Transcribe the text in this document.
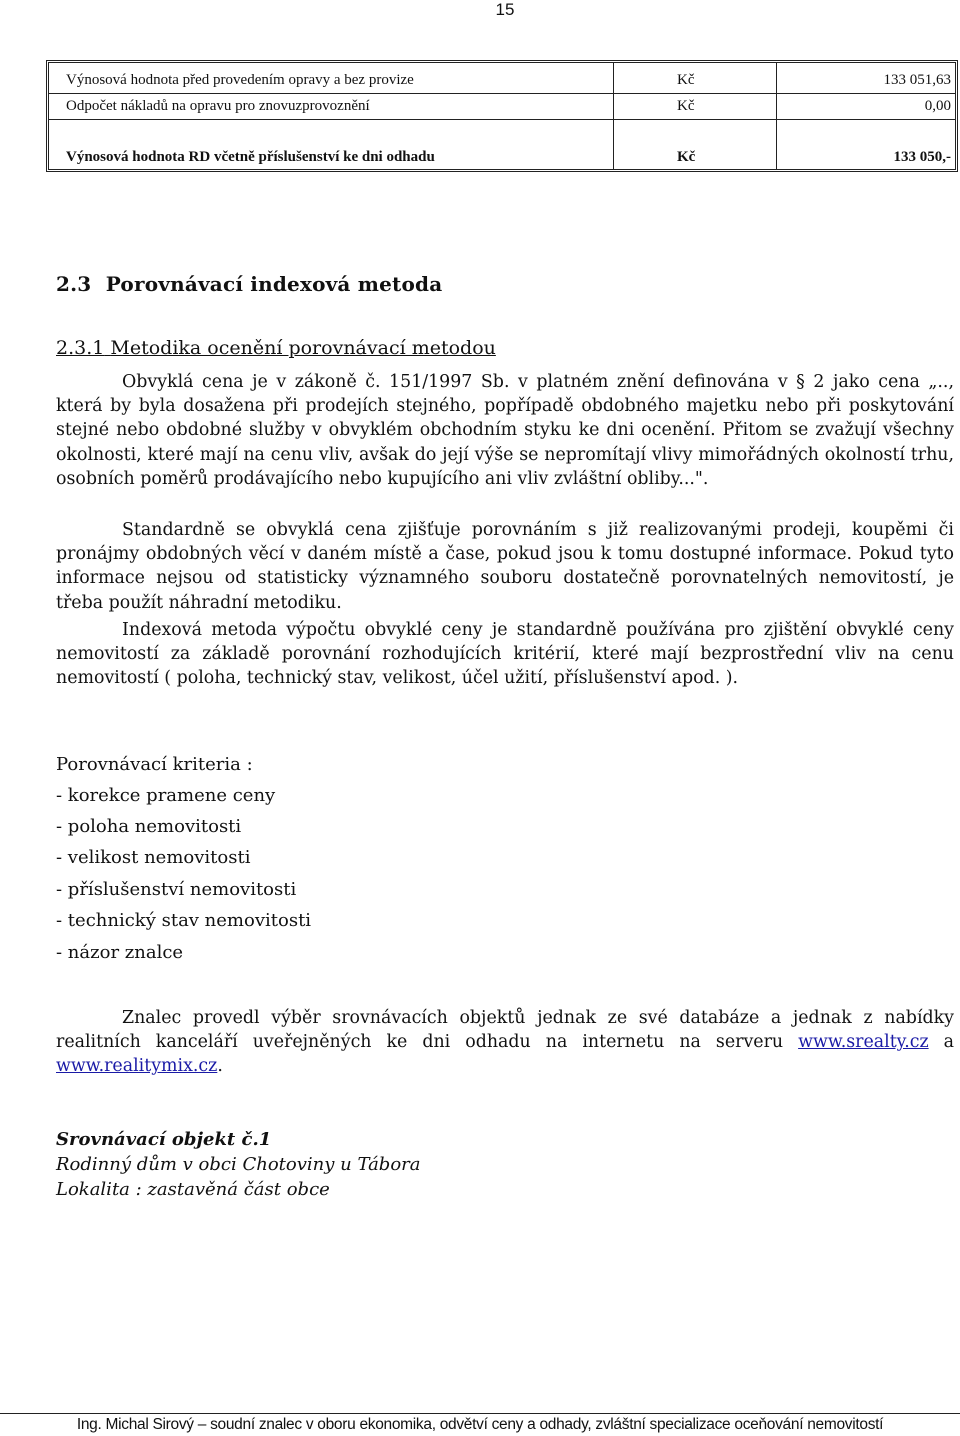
15
Výnosová hodnota před provedením opravy a bez provize	Kč	133 051,63
Odpočet nákladů na opravu pro znovuzprovoznění	Kč	0,00
Výnosová hodnota RD včetně příslušenství ke dni odhadu	Kč	133 050,-
2.3 Porovnávací indexová metoda
2.3.1 Metodika ocenění porovnávací metodou

Obvyklá cena je v zákoně č. 151/1997 Sb. v platném znění definována v § 2 jako cena „.., která by byla dosažena při prodejích stejného, popřípadě obdobného majetku nebo při poskytování stejné nebo obdobné služby v obvyklém obchodním styku ke dni ocenění. Přitom se zvažují všechny okolnosti, které mají na cenu vliv, avšak do její výše se nepromítají vlivy mimořádných okolností trhu, osobních poměrů prodávajícího nebo kupujícího ani vliv zvláštní obliby...".

Standardně se obvyklá cena zjišťuje porovnáním s již realizovanými prodeji, koupěmi či pronájmy obdobných věcí v daném místě a čase, pokud jsou k tomu dostupné informace. Pokud tyto informace nejsou od statisticky významného souboru dostatečně porovnatelných nemovitostí, je třeba použít náhradní metodiku.

Indexová metoda výpočtu obvyklé ceny je standardně používána pro zjištění obvyklé ceny nemovitostí za základě porovnání rozhodujících kritérií, které mají bezprostřední vliv na cenu nemovitostí ( poloha, technický stav, velikost, účel užití, příslušenství apod. ).

Porovnávací kriteria :
- korekce pramene ceny
- poloha nemovitosti
- velikost nemovitosti
- příslušenství nemovitosti
- technický stav nemovitosti
- názor znalce

Znalec provedl výběr srovnávacích objektů jednak ze své databáze a jednak z nabídky realitních kanceláří uveřejněných ke dni odhadu na internetu na serveru www.srealty.cz a www.realitymix.cz.

Srovnávací objekt č.1
Rodinný dům v obci Chotoviny u Tábora
Lokalita : zastavěná část obce
Ing. Michal Sirový – soudní znalec v oboru ekonomika, odvětví ceny a odhady, zvláštní specializace oceňování nemovitostí
